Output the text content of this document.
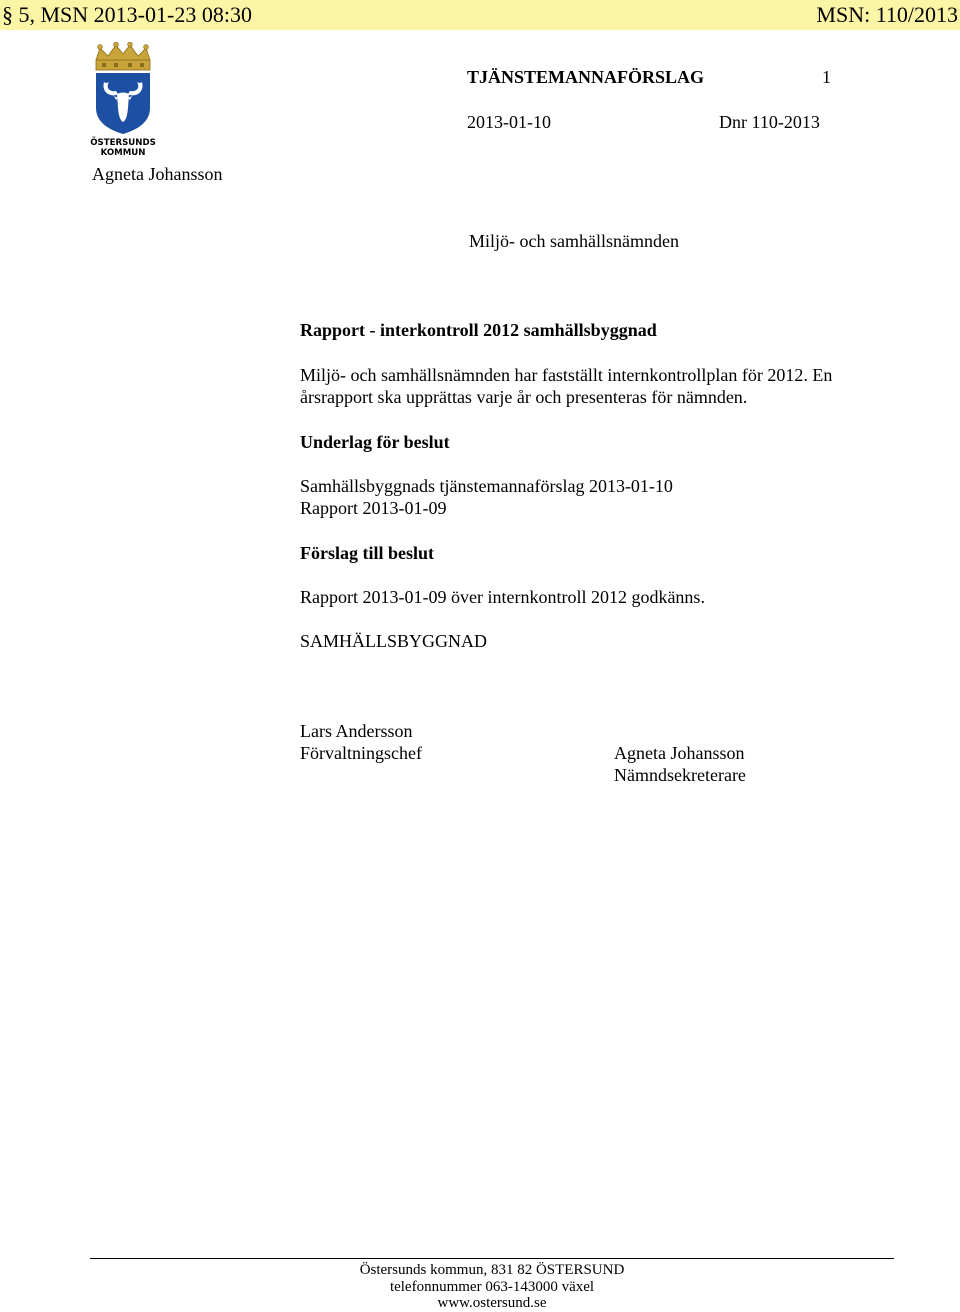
§ 5, MSN 2013-01-23 08:30	MSN: 110/2013
ÖSTERSUNDS
KOMMUN
TJÄNSTEMANNAFÖRSLAG	1
2013-01-10	Dnr 110-2013
Agneta Johansson
Miljö- och samhällsnämnden
Rapport - interkontroll 2012 samhällsbyggnad
Miljö- och samhällsnämnden har fastställt internkontrollplan för 2012. En
årsrapport ska upprättas varje år och presenteras för nämnden.
Underlag för beslut
Samhällsbyggnads tjänstemannaförslag 2013-01-10
Rapport 2013-01-09
Förslag till beslut
Rapport 2013-01-09 över internkontroll 2012 godkänns.
SAMHÄLLSBYGGNAD
Lars Andersson
Förvaltningschef	Agneta Johansson
Nämndsekreterare
Östersunds kommun, 831 82 ÖSTERSUND
telefonnummer 063-143000 växel
www.ostersund.se
